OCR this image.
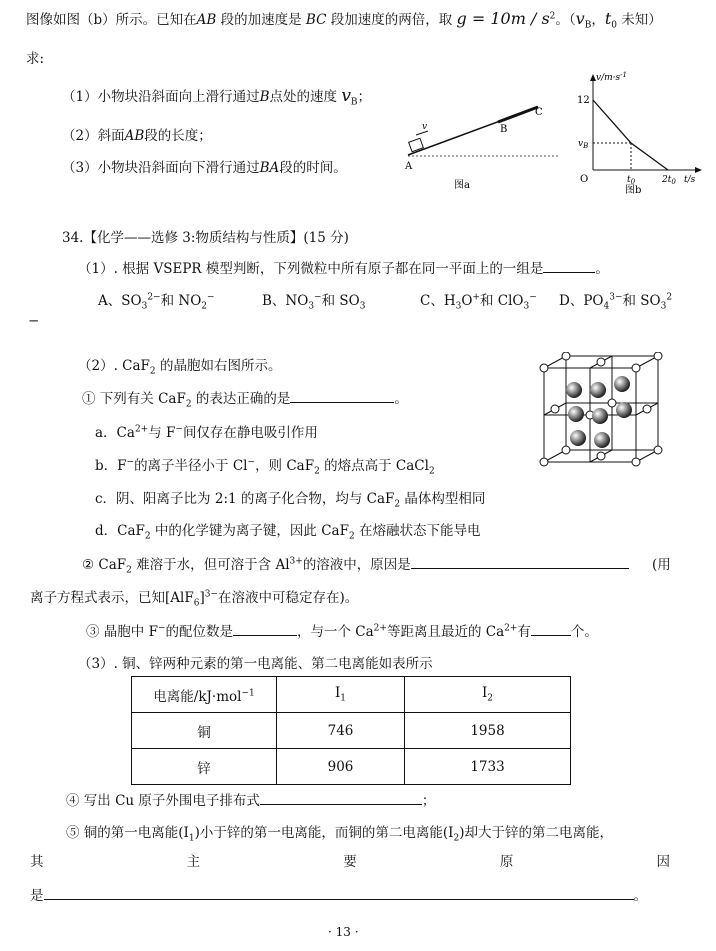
图像如图（b）所示。已知在AB 段的加速度是 BC 段加速度的两倍，取 $g = 10m / s^2$。（$v_B$，$t_0$ 未知）
求:
（1）小物块沿斜面向上滑行通过B点处的速度 $v_B$；
（2）斜面AB段的长度；
（3）小物块沿斜面向下滑行通过BA段的时间。	A
B
C
v
图a
$v/m\cdot s^{-1}$
12
$v_B$
O	$t_0$	$2t_0$ t/s
图b
34.【化学——选修 3:物质结构与性质】(15 分)
（1）. 根据 VSEPR 模型判断，下列微粒中所有原子都在同一平面上的一组是	。
A、$SO_3^{2-}$和 $NO_2^-$	B、$NO_3^-$和 $SO_3$	C、$H_3O^+$和 ClO$_3$− D、$PO_4^{3-}$和 $SO_3^2$
−
（2）. CaF$_2$ 的晶胞如右图所示。
① 下列有关 CaF$_2$ 的表达正确的是	。
a．$Ca^{2+}$与 F−间仅存在静电吸引作用
b．F−的离子半径小于 Cl−，则 CaF$_2$ 的熔点高于 CaCl$_2$
c．阴、阳离子比为 2:1 的离子化合物，均与 CaF$_2$ 晶体构型相同
d．CaF$_2$ 中的化学键为离子键，因此 CaF$_2$ 在熔融状态下能导电
② CaF$_2$ 难溶于水，但可溶于含 $Al^{3+}$的溶液中，原因是	(用
离子方程式表示，已知$[AlF_6]^{3-}$在溶液中可稳定存在)。
③ 晶胞中 F−的配位数是	，与一个 $Ca^{2+}$等距离且最近的 $Ca^{2+}$有	个。
（3）. 铜、锌两种元素的第一电离能、第二电离能如表所示
电离能/kJ·mol$^{-1}$	$I_1$	$I_2$
铜	746	1958
锌	906	1733
④ 写出 Cu 原子外围电子排布式	；
⑤ 铜的第一电离能$(I_1)$小于锌的第一电离能，而铜的第二电离能$(I_2)$却大于锌的第二电离能，
其	主	要	原	因
是	。
· 13 ·
